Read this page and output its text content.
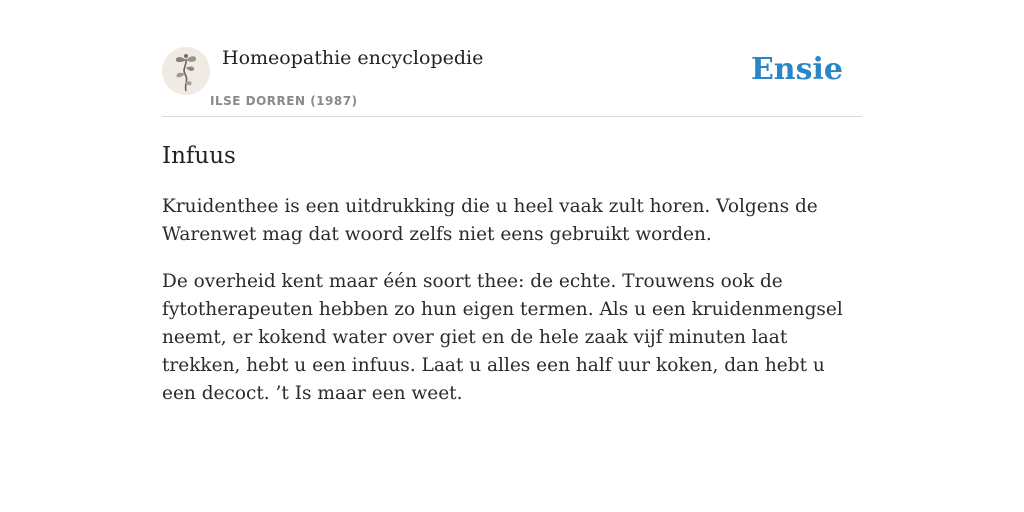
Homeopathie encyclopedie
ILSE DORREN (1987)
Ensie
Infuus

Kruidenthee is een uitdrukking die u heel vaak zult horen. Volgens de Warenwet mag dat woord zelfs niet eens gebruikt worden.

De overheid kent maar één soort thee: de echte. Trouwens ook de fytotherapeuten hebben zo hun eigen termen. Als u een kruidenmengsel neemt, er kokend water over giet en de hele zaak vijf minuten laat trekken, hebt u een infuus. Laat u alles een half uur koken, dan hebt u een decoct. ’t Is maar een weet.
